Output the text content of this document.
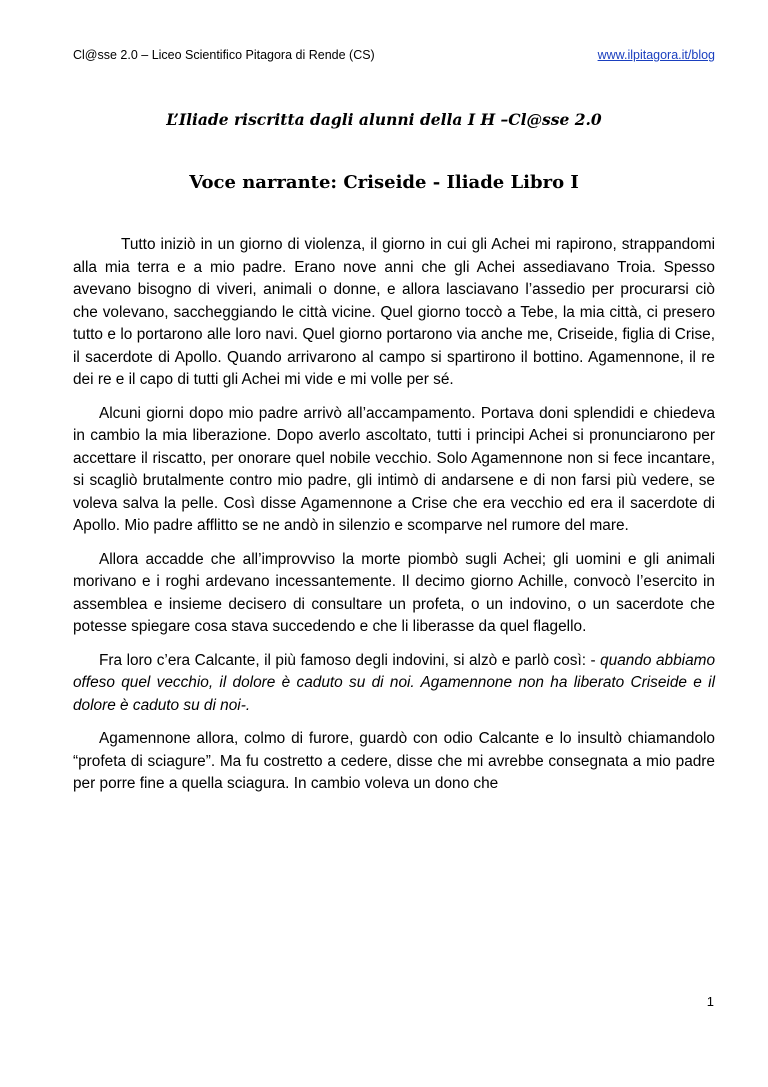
Cl@sse 2.0 – Liceo Scientifico Pitagora di Rende (CS)	www.ilpitagora.it/blog
L’Iliade riscritta dagli alunni della I H –Cl@sse 2.0
Voce narrante: Criseide - Iliade Libro I

Tutto iniziò in un giorno di violenza, il giorno in cui gli Achei mi rapirono, strappandomi alla mia terra e a mio padre. Erano nove anni che gli Achei assediavano Troia. Spesso avevano bisogno di viveri, animali o donne, e allora lasciavano l’assedio per procurarsi ciò che volevano, saccheggiando le città vicine. Quel giorno toccò a Tebe, la mia città, ci presero tutto e lo portarono alle loro navi. Quel giorno portarono via anche me, Criseide, figlia di Crise, il sacerdote di Apollo. Quando arrivarono al campo si spartirono il bottino. Agamennone, il re dei re e il capo di tutti gli Achei mi vide e mi volle per sé.

Alcuni giorni dopo mio padre arrivò all’accampamento. Portava doni splendidi e chiedeva in cambio la mia liberazione. Dopo averlo ascoltato, tutti i principi Achei si pronunciarono per accettare il riscatto, per onorare quel nobile vecchio. Solo Agamennone non si fece incantare, si scagliò brutalmente contro mio padre, gli intimò di andarsene e di non farsi più vedere, se voleva salva la pelle. Così disse Agamennone a Crise che era vecchio ed era il sacerdote di Apollo. Mio padre afflitto se ne andò in silenzio e scomparve nel rumore del mare.

Allora accadde che all’improvviso la morte piombò sugli Achei; gli uomini e gli animali morivano e i roghi ardevano incessantemente. Il decimo giorno Achille, convocò l’esercito in assemblea e insieme decisero di consultare un profeta, o un indovino, o un sacerdote che potesse spiegare cosa stava succedendo e che li liberasse da quel flagello.

Fra loro c’era Calcante, il più famoso degli indovini, si alzò e parlò così: - quando abbiamo offeso quel vecchio, il dolore è caduto su di noi. Agamennone non ha liberato Criseide e il dolore è caduto su di noi-.

Agamennone allora, colmo di furore, guardò con odio Calcante e lo insultò chiamandolo “profeta di sciagure”. Ma fu costretto a cedere, disse che mi avrebbe consegnata a mio padre per porre fine a quella sciagura. In cambio voleva un dono che

1
